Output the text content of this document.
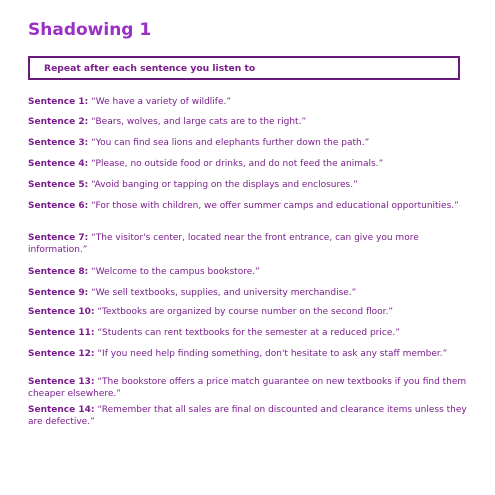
Shadowing 1
Repeat after each sentence you listen to
Sentence 1: “We have a variety of wildlife.”
Sentence 2: “Bears, wolves, and large cats are to the right.”
Sentence 3: “You can find sea lions and elephants further down the path.”
Sentence 4: “Please, no outside food or drinks, and do not feed the animals.”
Sentence 5: “Avoid banging or tapping on the displays and enclosures.”
Sentence 6: “For those with children, we offer summer camps and educational opportunities.”
Sentence 7: “The visitor's center, located near the front entrance, can give you more information.”
Sentence 8: “Welcome to the campus bookstore.”
Sentence 9: “We sell textbooks, supplies, and university merchandise.”
Sentence 10: “Textbooks are organized by course number on the second floor.”
Sentence 11: “Students can rent textbooks for the semester at a reduced price.”
Sentence 12: “If you need help finding something, don't hesitate to ask any staff member.”
Sentence 13: “The bookstore offers a price match guarantee on new textbooks if you find them cheaper elsewhere.”
Sentence 14: “Remember that all sales are final on discounted and clearance items unless they are defective.”
